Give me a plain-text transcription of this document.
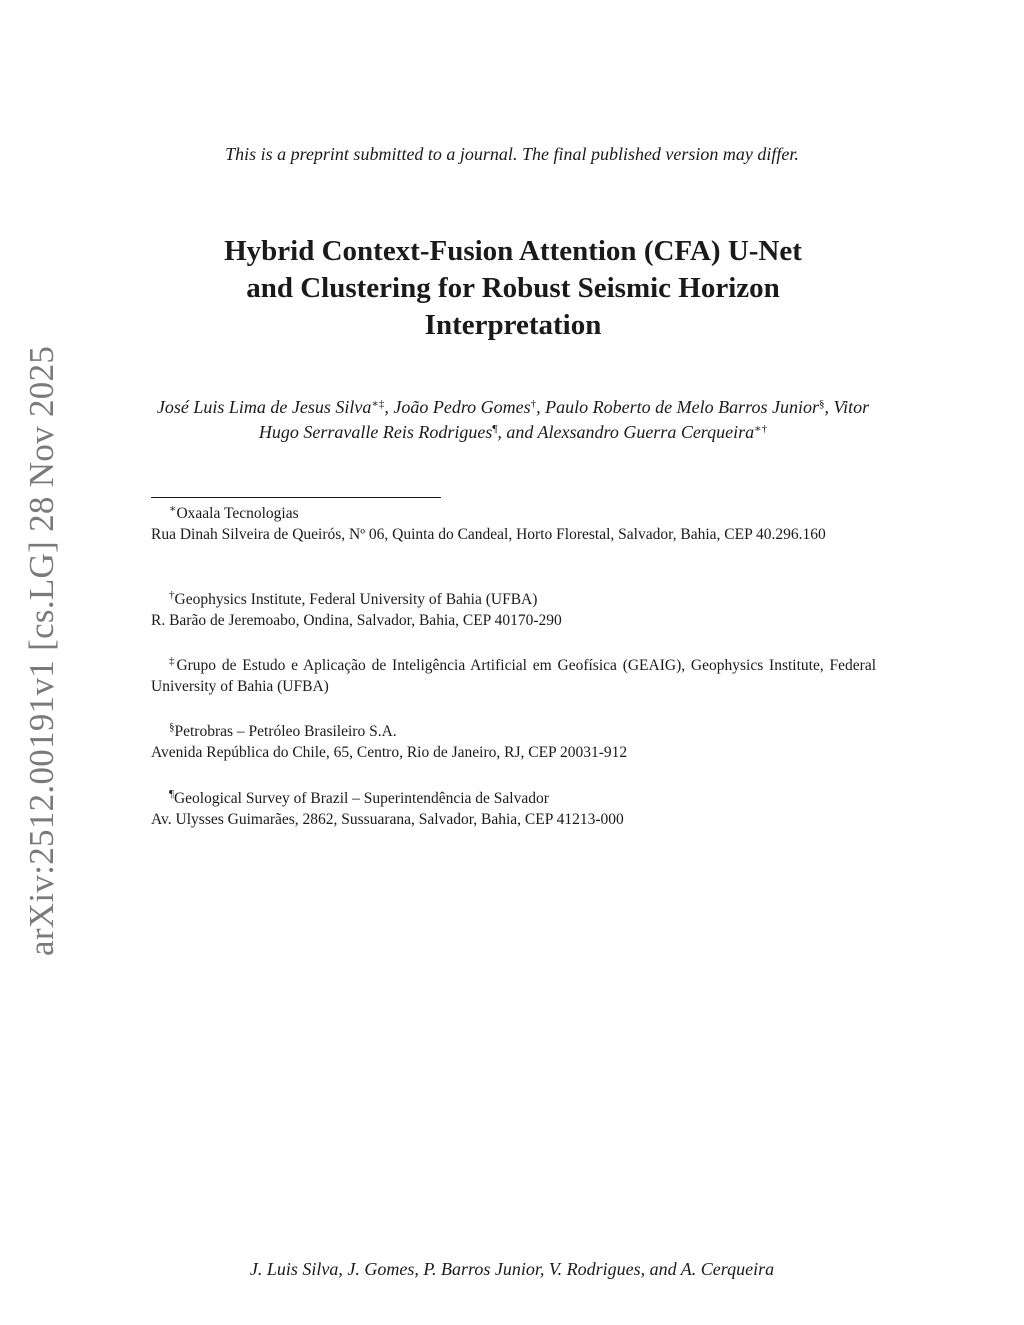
arXiv:2512.00191v1 [cs.LG] 28 Nov 2025
This is a preprint submitted to a journal. The final published version may differ.
Hybrid Context-Fusion Attention (CFA) U-Net
and Clustering for Robust Seismic Horizon
Interpretation
José Luis Lima de Jesus Silva∗‡, João Pedro Gomes†, Paulo Roberto de Melo Barros Junior§, Vitor Hugo Serravalle Reis Rodrigues¶, and Alexsandro Guerra Cerqueira∗†

∗Oxaala Tecnologias

Rua Dinah Silveira de Queirós, Nº 06, Quinta do Candeal, Horto Florestal, Salvador, Bahia, CEP 40.296.160

†Geophysics Institute, Federal University of Bahia (UFBA)

R. Barão de Jeremoabo, Ondina, Salvador, Bahia, CEP 40170-290

‡Grupo de Estudo e Aplicação de Inteligência Artificial em Geofísica (GEAIG), Geophysics Institute, Federal University of Bahia (UFBA)

§Petrobras – Petróleo Brasileiro S.A.

Avenida República do Chile, 65, Centro, Rio de Janeiro, RJ, CEP 20031-912

¶Geological Survey of Brazil – Superintendência de Salvador

Av. Ulysses Guimarães, 2862, Sussuarana, Salvador, Bahia, CEP 41213-000

J. Luis Silva, J. Gomes, P. Barros Junior, V. Rodrigues, and A. Cerqueira
